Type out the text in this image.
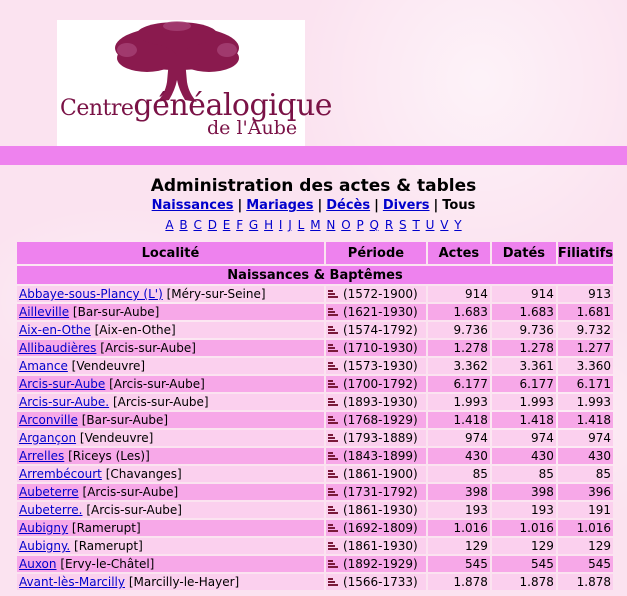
Centregénéalogique
de l'Aube
Administration des actes & tables
Naissances | Mariages | Décès | Divers | Tous
A B C D E F G H I J L M N O P Q R S T U V Y
Localité	Période	Actes	Datés	Filiatifs
Naissances & Baptêmes				
Abbaye-sous-Plancy (L') [Méry-sur-Seine]	(1572-1900)	914	914	913
Ailleville [Bar-sur-Aube]	(1621-1930)	1.683	1.683	1.681
Aix-en-Othe [Aix-en-Othe]	(1574-1792)	9.736	9.736	9.732
Allibaudières [Arcis-sur-Aube]	(1710-1930)	1.278	1.278	1.277
Amance [Vendeuvre]	(1573-1930)	3.362	3.361	3.360
Arcis-sur-Aube [Arcis-sur-Aube]	(1700-1792)	6.177	6.177	6.171
Arcis-sur-Aube. [Arcis-sur-Aube]	(1893-1930)	1.993	1.993	1.993
Arconville [Bar-sur-Aube]	(1768-1929)	1.418	1.418	1.418
Argançon [Vendeuvre]	(1793-1889)	974	974	974
Arrelles [Riceys (Les)]	(1843-1899)	430	430	430
Arrembécourt [Chavanges]	(1861-1900)	85	85	85
Aubeterre [Arcis-sur-Aube]	(1731-1792)	398	398	396
Aubeterre. [Arcis-sur-Aube]	(1861-1930)	193	193	191
Aubigny [Ramerupt]	(1692-1809)	1.016	1.016	1.016
Aubigny. [Ramerupt]	(1861-1930)	129	129	129
Auxon [Ervy-le-Châtel]	(1892-1929)	545	545	545
Avant-lès-Marcilly [Marcilly-le-Hayer]	(1566-1733)	1.878	1.878	1.878
